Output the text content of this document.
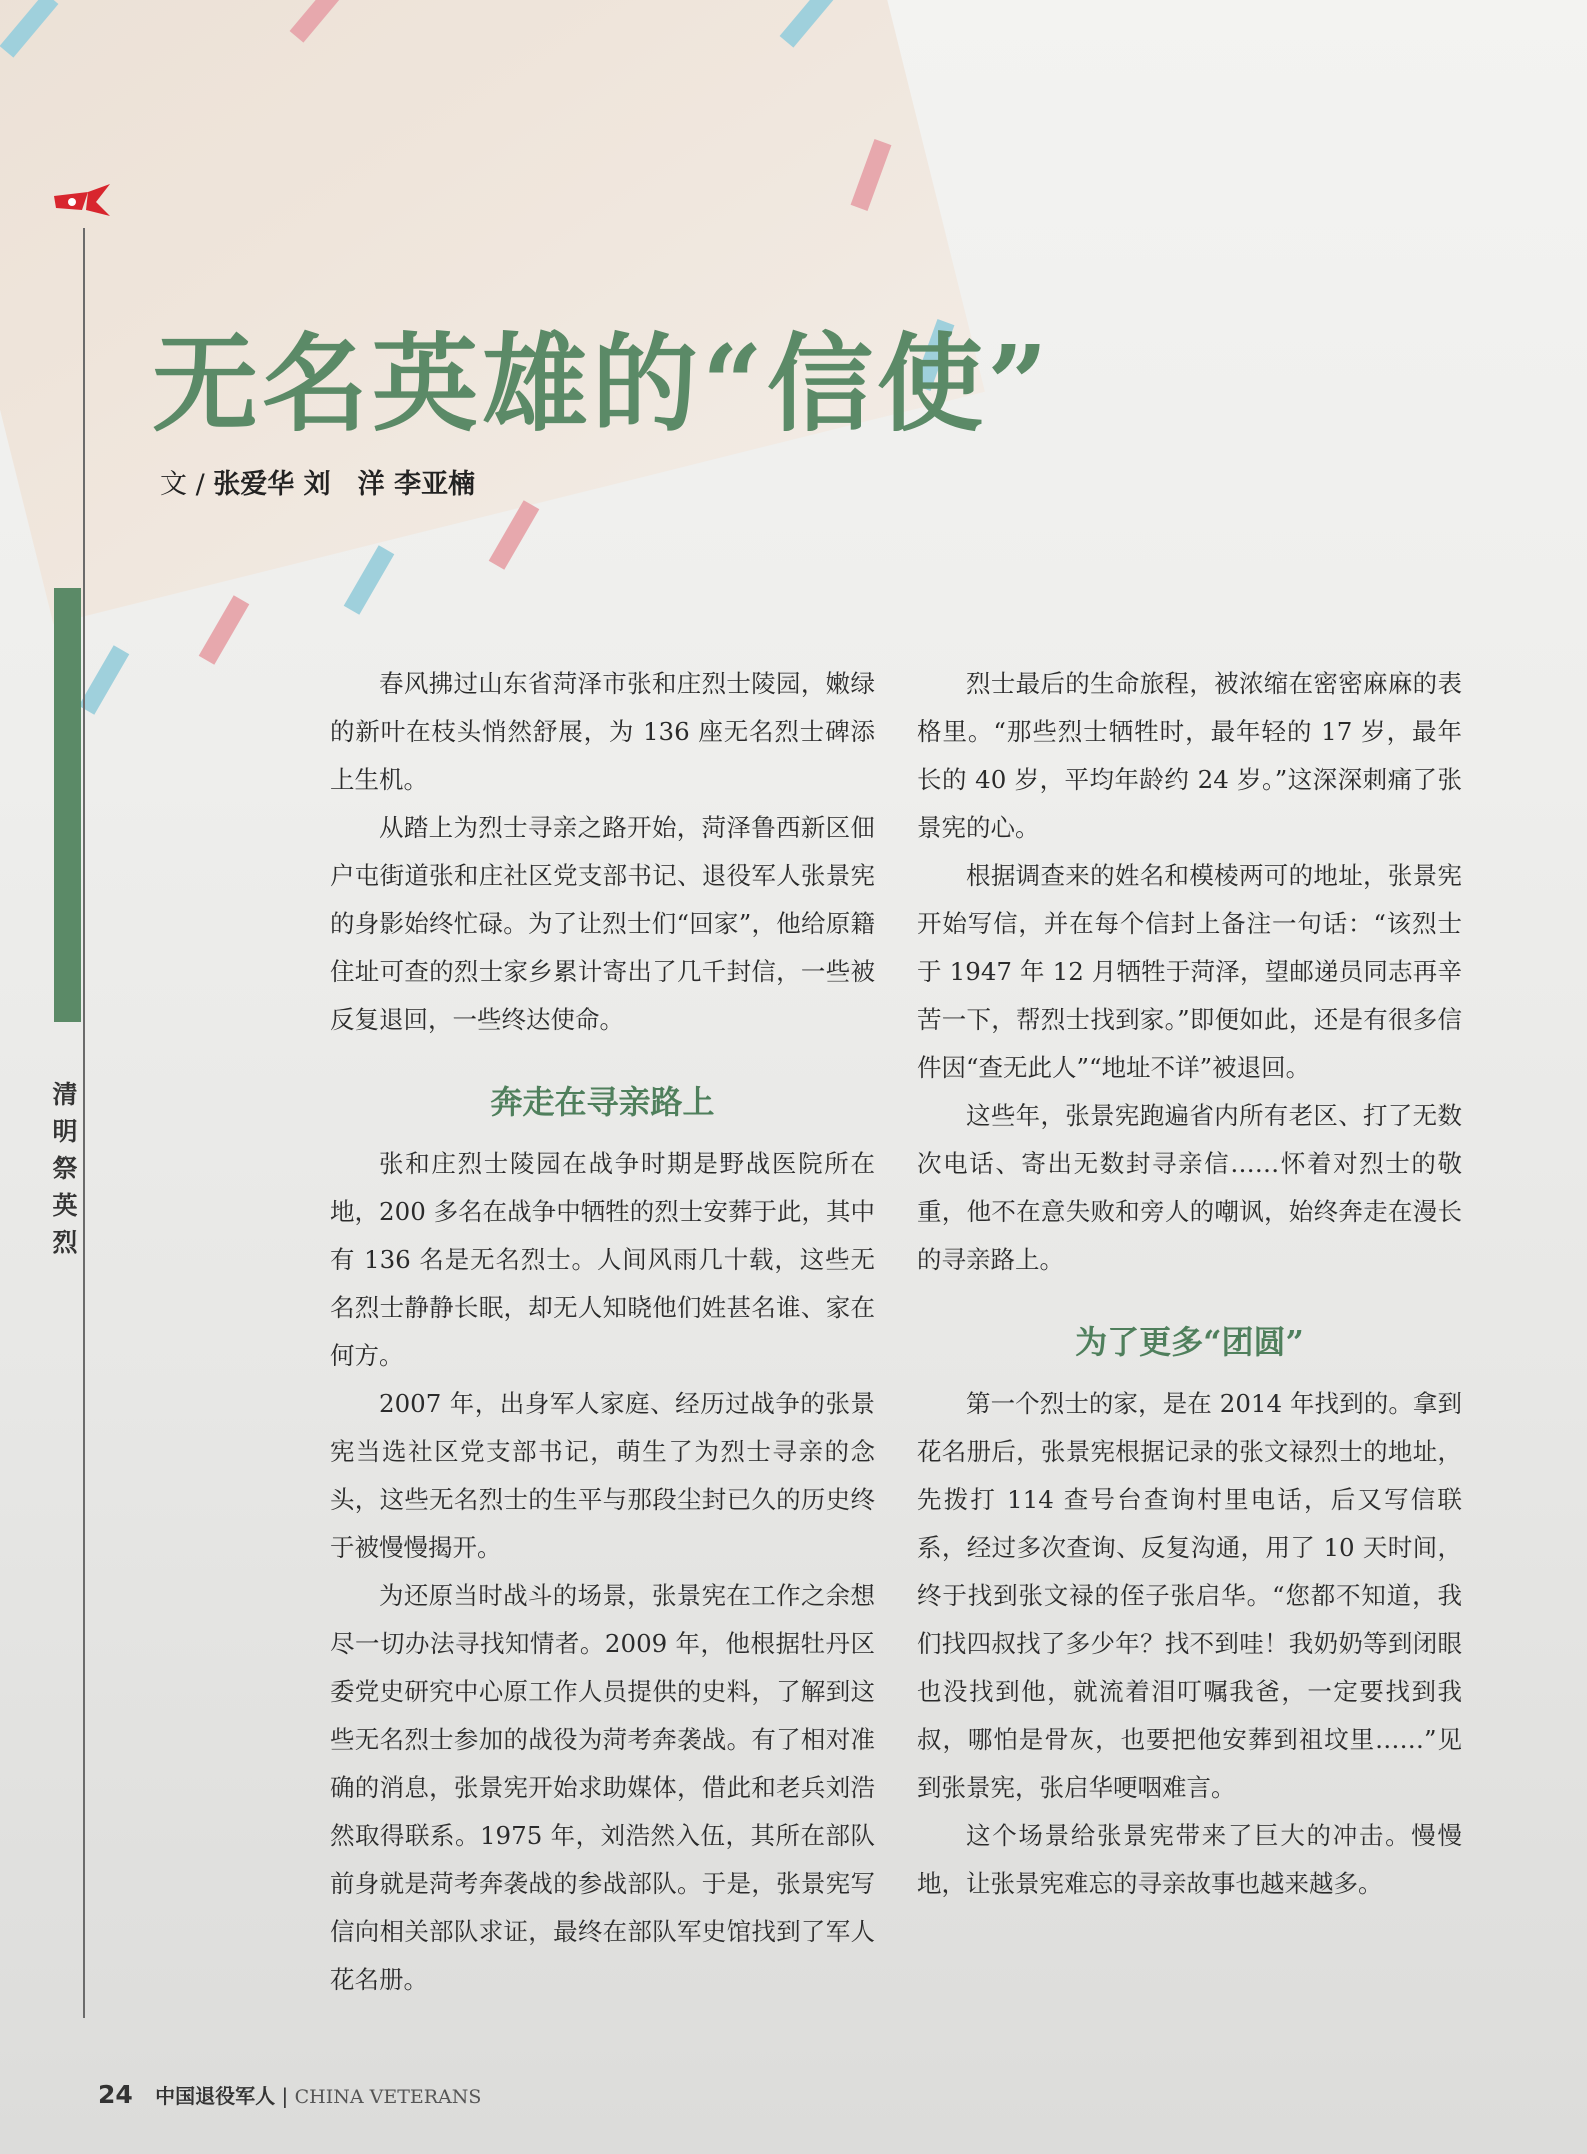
清明祭英烈
无名英雄的“信使”
文 / 张爱华 刘　洋 李亚楠

春风拂过山东省菏泽市张和庄烈士陵园，嫩绿的新叶在枝头悄然舒展，为 136 座无名烈士碑添上生机。

从踏上为烈士寻亲之路开始，菏泽鲁西新区佃户屯街道张和庄社区党支部书记、退役军人张景宪的身影始终忙碌。为了让烈士们“回家”，他给原籍住址可查的烈士家乡累计寄出了几千封信，一些被反复退回，一些终达使命。

奔走在寻亲路上

张和庄烈士陵园在战争时期是野战医院所在地，200 多名在战争中牺牲的烈士安葬于此，其中有 136 名是无名烈士。人间风雨几十载，这些无名烈士静静长眠，却无人知晓他们姓甚名谁、家在何方。

2007 年，出身军人家庭、经历过战争的张景宪当选社区党支部书记，萌生了为烈士寻亲的念头，这些无名烈士的生平与那段尘封已久的历史终于被慢慢揭开。

为还原当时战斗的场景，张景宪在工作之余想尽一切办法寻找知情者。2009 年，他根据牡丹区委党史研究中心原工作人员提供的史料，了解到这些无名烈士参加的战役为菏考奔袭战。有了相对准确的消息，张景宪开始求助媒体，借此和老兵刘浩然取得联系。1975 年，刘浩然入伍，其所在部队前身就是菏考奔袭战的参战部队。于是，张景宪写信向相关部队求证，最终在部队军史馆找到了军人花名册。

烈士最后的生命旅程，被浓缩在密密麻麻的表格里。“那些烈士牺牲时，最年轻的 17 岁，最年长的 40 岁，平均年龄约 24 岁。”这深深刺痛了张景宪的心。

根据调查来的姓名和模棱两可的地址，张景宪开始写信，并在每个信封上备注一句话：“该烈士于 1947 年 12 月牺牲于菏泽，望邮递员同志再辛苦一下，帮烈士找到家。”即便如此，还是有很多信件因“查无此人”“地址不详”被退回。

这些年，张景宪跑遍省内所有老区、打了无数次电话、寄出无数封寻亲信……怀着对烈士的敬重，他不在意失败和旁人的嘲讽，始终奔走在漫长的寻亲路上。

为了更多“团圆”

第一个烈士的家，是在 2014 年找到的。拿到花名册后，张景宪根据记录的张文禄烈士的地址，先拨打 114 查号台查询村里电话，后又写信联系，经过多次查询、反复沟通，用了 10 天时间，终于找到张文禄的侄子张启华。“您都不知道，我们找四叔找了多少年？找不到哇！我奶奶等到闭眼也没找到他，就流着泪叮嘱我爸，一定要找到我叔，哪怕是骨灰，也要把他安葬到祖坟里……”见到张景宪，张启华哽咽难言。

这个场景给张景宪带来了巨大的冲击。慢慢地，让张景宪难忘的寻亲故事也越来越多。

24 中国退役军人 | CHINA VETERANS
